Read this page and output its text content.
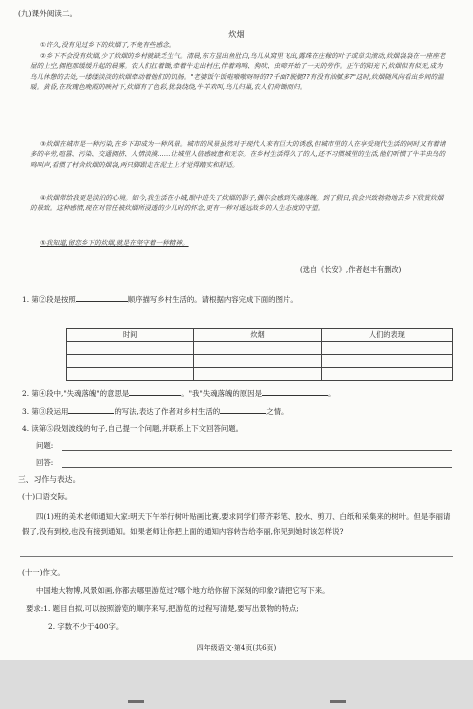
(九)课外阅读二。
炊烟
①许久,没有见过乡下的炊烟了,不免有些感念。
②乡下不会没有炊烟,少了炊烟的乡村就缺乏生气。清晨,东方显出鱼肚白,鸟儿从窝里飞出,露珠在庄稼的叶子或草尖滚动,炊烟袅袅在一座座老屋的上空,拥抱那缓缓升起的晨雾。农人们扛着锄,牵着牛走出村庄,伴着鸡鸣、狗吠、虫啼开始了一天的劳作。正午的阳光下,炊烟似有似无,成为鸟儿休憩的去处,一缕缕淡淡的炊烟牵动着他们的饥肠。"老婆饭午饭啦嗷嗷呀呀的??千面?脱腿??有没有油腻多?"这时,炊烟随风向看出乡间的温暖。黄昏,在玫瑰色晚霞的映衬下,炊烟有了色彩,犹袅绕绕,牛羊欢叫,鸟儿归巢,农人们荷锄而归。
③炊烟在城市是一种污染,在乡下却成为一种风景。城市的风景虽然对于现代人来有巨大的诱惑,但城市里的人在享受现代生活的同时又有着诸多的辛劳,喧嚣、污染、交通拥挤、人情淡漠……让城里人倍感疲惫和无奈。在乡村生活得久了的人,还不习惯城里的生活,他们听惯了牛羊虫鸟的鸣叫声,看惯了村舍炊烟的烟袅,两只脚跟走在泥土上才觉得踏实和舒适。
④炊烟带给我更是淡泊的心境。如今,我生活在小城,眼中进失了炊烟的影子,偶尔会感到失魂落魄。到了假日,我会兴致勃勃地去乡下欣赏炊烟的景致。这种感情,现在对管任被炊烟所浸透的少儿时的怀念,更有一种对遥远故乡的人生态度的守望。
⑤我知道,留恋乡下的炊烟,就是在坚守着一种精神。
(选自《长安》,作者赵丰有删改)
1. 第②段是按照	顺序描写乡村生活的。请根据内容完成下面的图片。
时间	炊烟	人们的表现

2. 第④段中,"失魂落魄"的意思是	。"我"失魂落魄的原因是	。
3. 第③段运用	的写法,表达了作者对乡村生活的	之情。
4. 读第⑤段划波线的句子,自己提一个问题,并联系上下文回答问题。
问题:
回答:
三、习作与表达。
(十)口语交际。
四(1)班的美术老师通知大家:明天下午举行树叶贴画比赛,要求同学们带齐彩笔、胶水、剪刀、白纸和采集来的树叶。但是李丽请假了,没有到校,也没有接到通知。如果老师让你把上面的通知内容转告给李丽,你见到她时该怎样说?
(十一)作文。
中国地大物博,风景如画,你都去哪里游览过?哪个地方给你留下深刻的印象?请把它写下来。
要求:1. 题目自拟,可以按照游览的顺序来写,把游览的过程写清楚,要写出景物的特点;
2. 字数不少于400字。
四年级语文·第4页(共6页)
